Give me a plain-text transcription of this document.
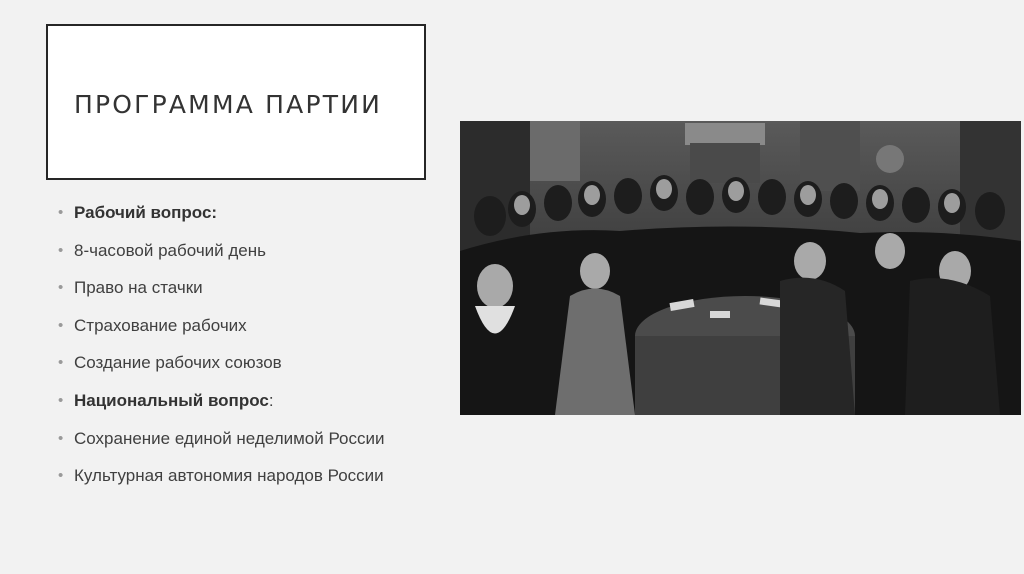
ПРОГРАММА ПАРТИИ
• Рабочий вопрос:
• 8-часовой рабочий день
• Право на стачки
• Страхование рабочих
• Создание рабочих союзов
• Национальный вопрос:
• Сохранение единой неделимой России
• Культурная автономия народов России
